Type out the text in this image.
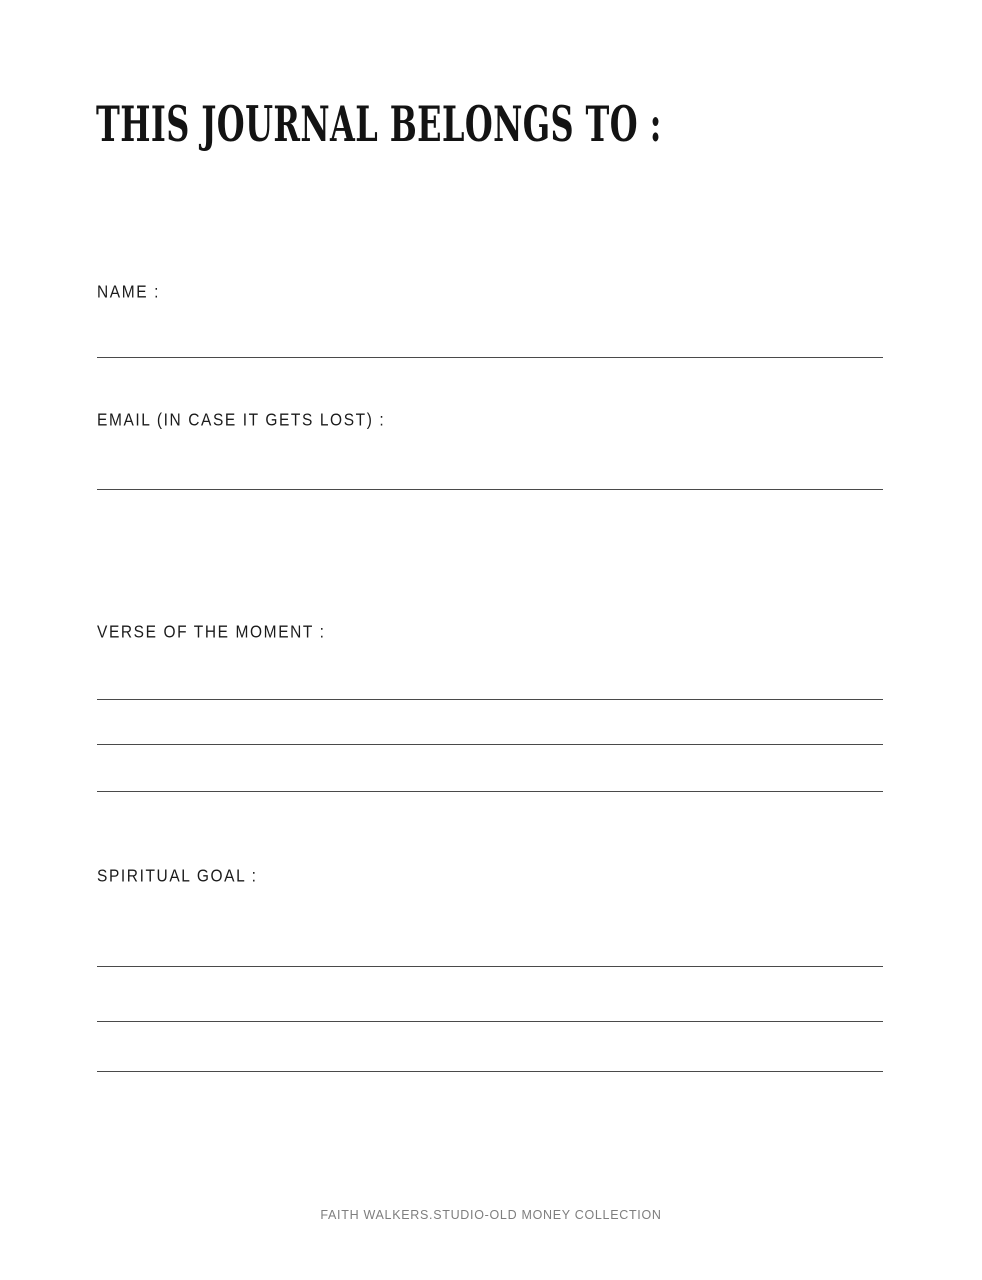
THIS JOURNAL BELONGS TO :
NAME :
EMAIL (IN CASE IT GETS LOST) :
VERSE OF THE MOMENT :
SPIRITUAL GOAL :
FAITH WALKERS.STUDIO-OLD MONEY COLLECTION
